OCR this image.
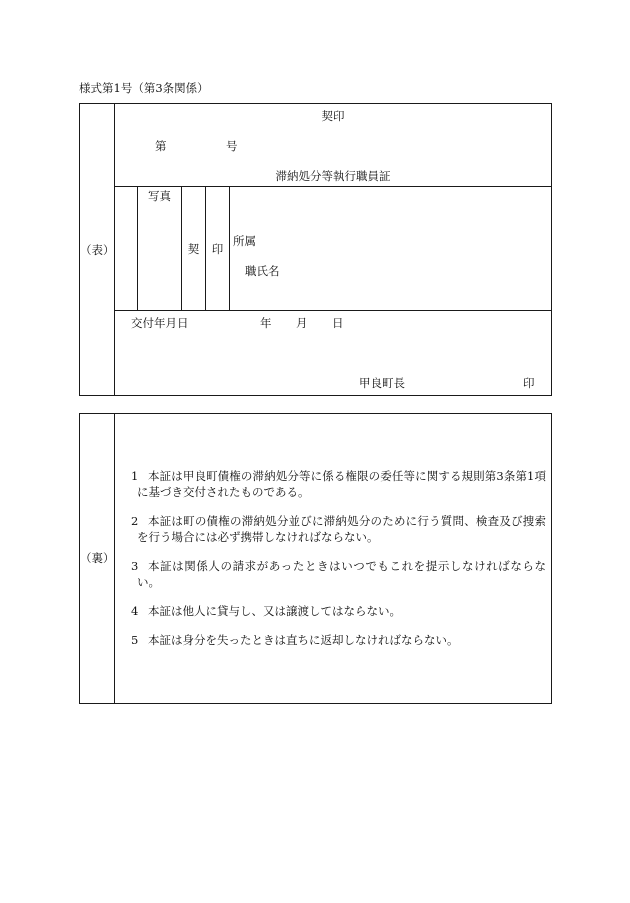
様式第1号（第3条関係）
（表）
契印
第	号
滞納処分等執行職員証
写真
契	印
所属
職氏名
交付年月日	年 月 日
甲良町長	印
（裏）
1 本証は甲良町債権の滞納処分等に係る権限の委任等に関する規則第3条第1項
に基づき交付されたものである。
2 本証は町の債権の滞納処分並びに滞納処分のために行う質問、検査及び捜索
を行う場合には必ず携帯しなければならない。
3 本証は関係人の請求があったときはいつでもこれを提示しなければならな
い。
4 本証は他人に貸与し、又は譲渡してはならない。
5 本証は身分を失ったときは直ちに返却しなければならない。
